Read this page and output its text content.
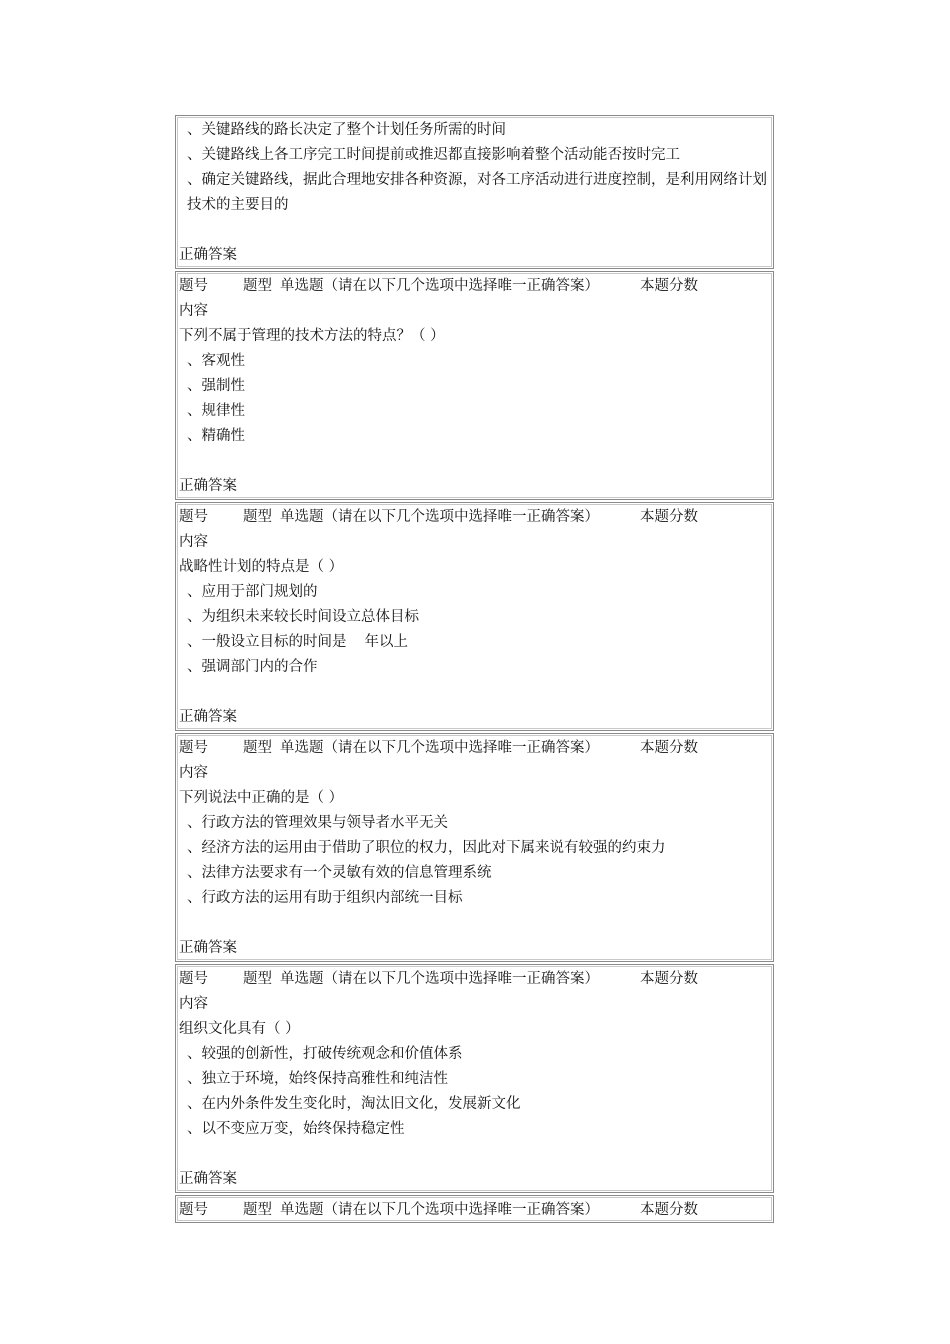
、关键路线的路长决定了整个计划任务所需的时间
、关键路线上各工序完工时间提前或推迟都直接影响着整个活动能否按时完工
、确定关键路线，据此合理地安排各种资源，对各工序活动进行进度控制，是利用网络计划技术的主要目的
正确答案
题号 题型 单选题（请在以下几个选项中选择唯一正确答案）	本题分数
内容
下列不属于管理的技术方法的特点？（ ）
、客观性
、强制性
、规律性
、精确性
正确答案
题号 题型 单选题（请在以下几个选项中选择唯一正确答案）	本题分数
内容
战略性计划的特点是（ ）
、应用于部门规划的
、为组织未来较长时间设立总体目标
、一般设立目标的时间是 年以上
、强调部门内的合作
正确答案
题号 题型 单选题（请在以下几个选项中选择唯一正确答案）	本题分数
内容
下列说法中正确的是（ ）
、行政方法的管理效果与领导者水平无关
、经济方法的运用由于借助了职位的权力，因此对下属来说有较强的约束力
、法律方法要求有一个灵敏有效的信息管理系统
、行政方法的运用有助于组织内部统一目标
正确答案
题号 题型 单选题（请在以下几个选项中选择唯一正确答案）	本题分数
内容
组织文化具有（ ）
、较强的创新性，打破传统观念和价值体系
、独立于环境，始终保持高雅性和纯洁性
、在内外条件发生变化时，淘汰旧文化，发展新文化
、以不变应万变，始终保持稳定性
正确答案
题号 题型 单选题（请在以下几个选项中选择唯一正确答案）	本题分数
